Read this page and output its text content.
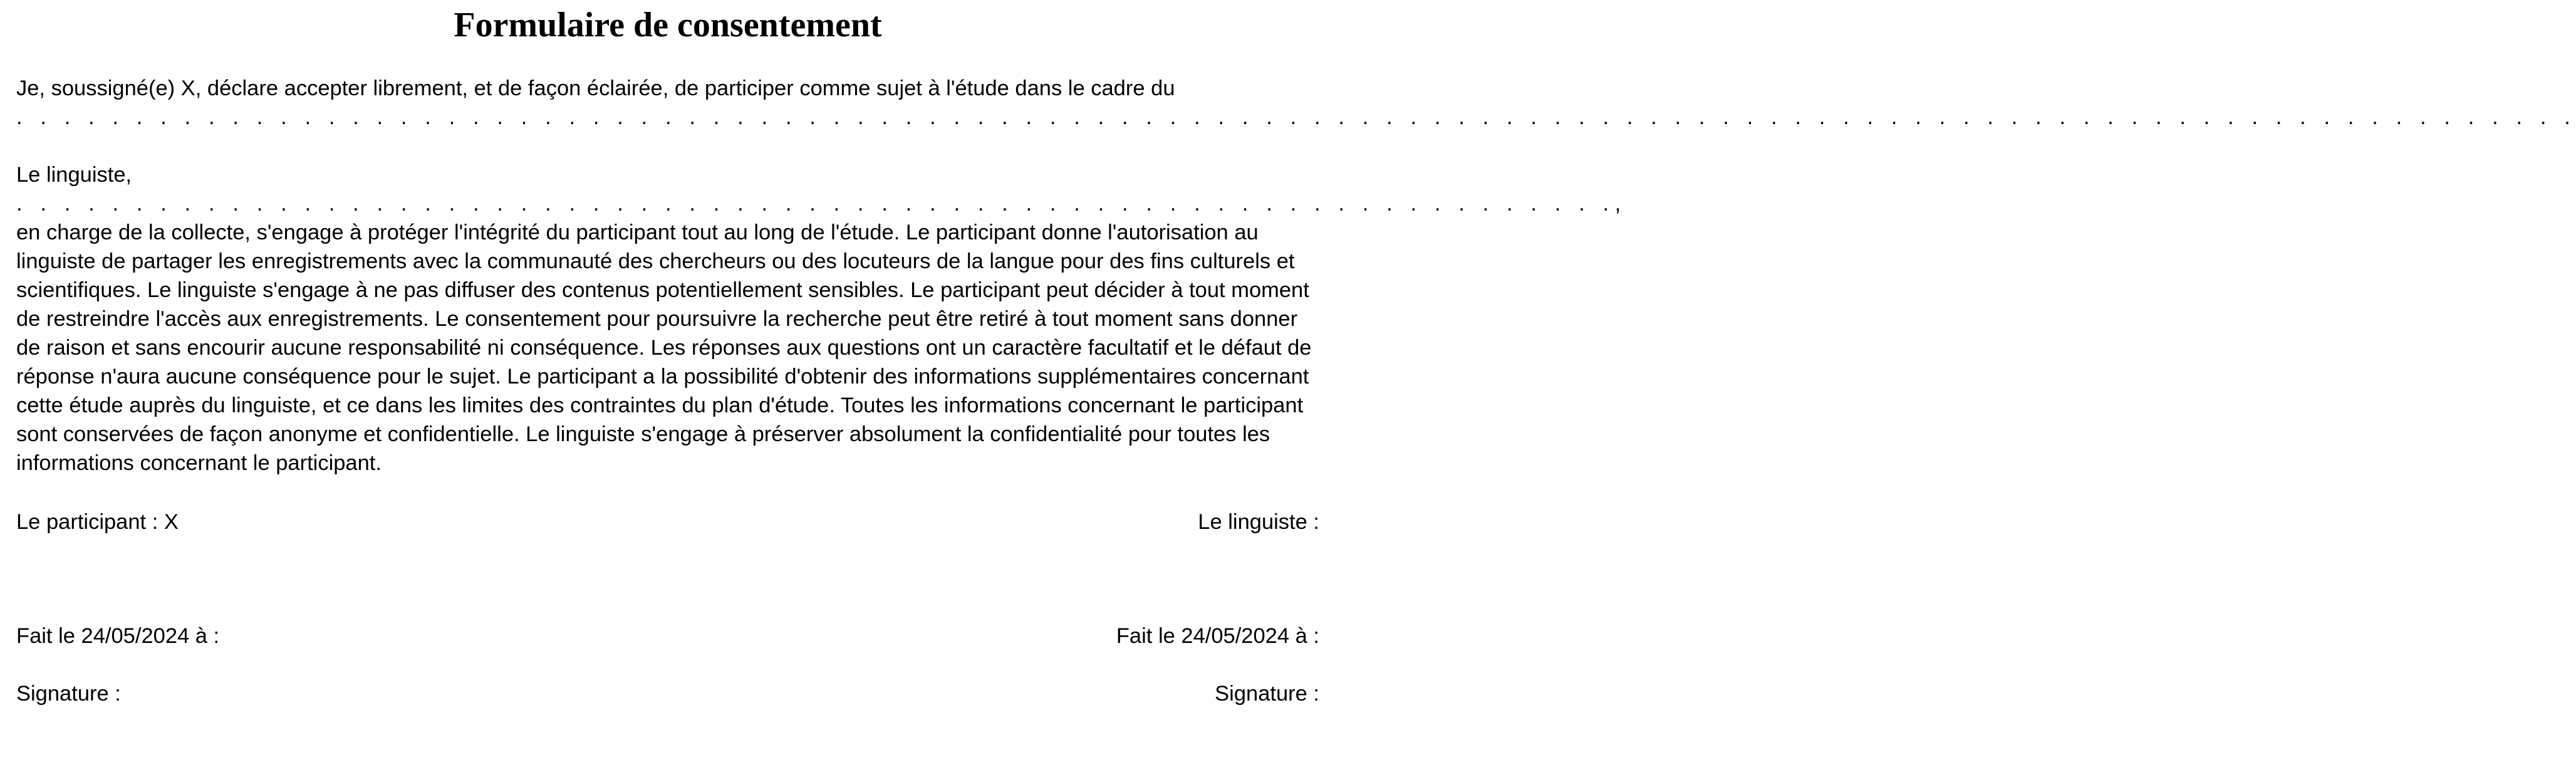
Formulaire de consentement

Je, soussigné(e) X, déclare accepter librement, et de façon éclairée, de participer comme sujet à l'étude dans le cadre du

. . . . . . . . . . . . . . . . . . . . . . . . . . . . . . . . . . . . . . . . . . . . . . . . . . . . . . . . . . . . . . . . . . . . . . . . . . . . . . . . . . . . . . . . . . . . . . . . . . . . . . . . . . .

Le linguiste, . . . . . . . . . . . . . . . . . . . . . . . . . . . . . . . . . . . . . . . . . . . . . . . . . . . . . . . . . . . . . . . . . . ., en charge de la collecte, s'engage à protéger l'intégrité du participant tout au long de l'étude. Le participant donne l'autorisation au linguiste de partager les enregistrements avec la communauté des chercheurs ou des locuteurs de la langue pour des fins culturels et scientifiques. Le linguiste s'engage à ne pas diffuser des contenus potentiellement sensibles. Le participant peut décider à tout moment de restreindre l'accès aux enregistrements. Le consentement pour poursuivre la recherche peut être retiré à tout moment sans donner de raison et sans encourir aucune responsabilité ni conséquence. Les réponses aux questions ont un caractère facultatif et le défaut de réponse n'aura aucune conséquence pour le sujet. Le participant a la possibilité d'obtenir des informations supplémentaires concernant cette étude auprès du linguiste, et ce dans les limites des contraintes du plan d'étude. Toutes les informations concernant le participant sont conservées de façon anonyme et confidentielle. Le linguiste s'engage à préserver absolument la confidentialité pour toutes les informations concernant le participant.

Le participant : X	Le linguiste :
Fait le 24/05/2024 à :	Fait le 24/05/2024 à :
Signature :	Signature :
